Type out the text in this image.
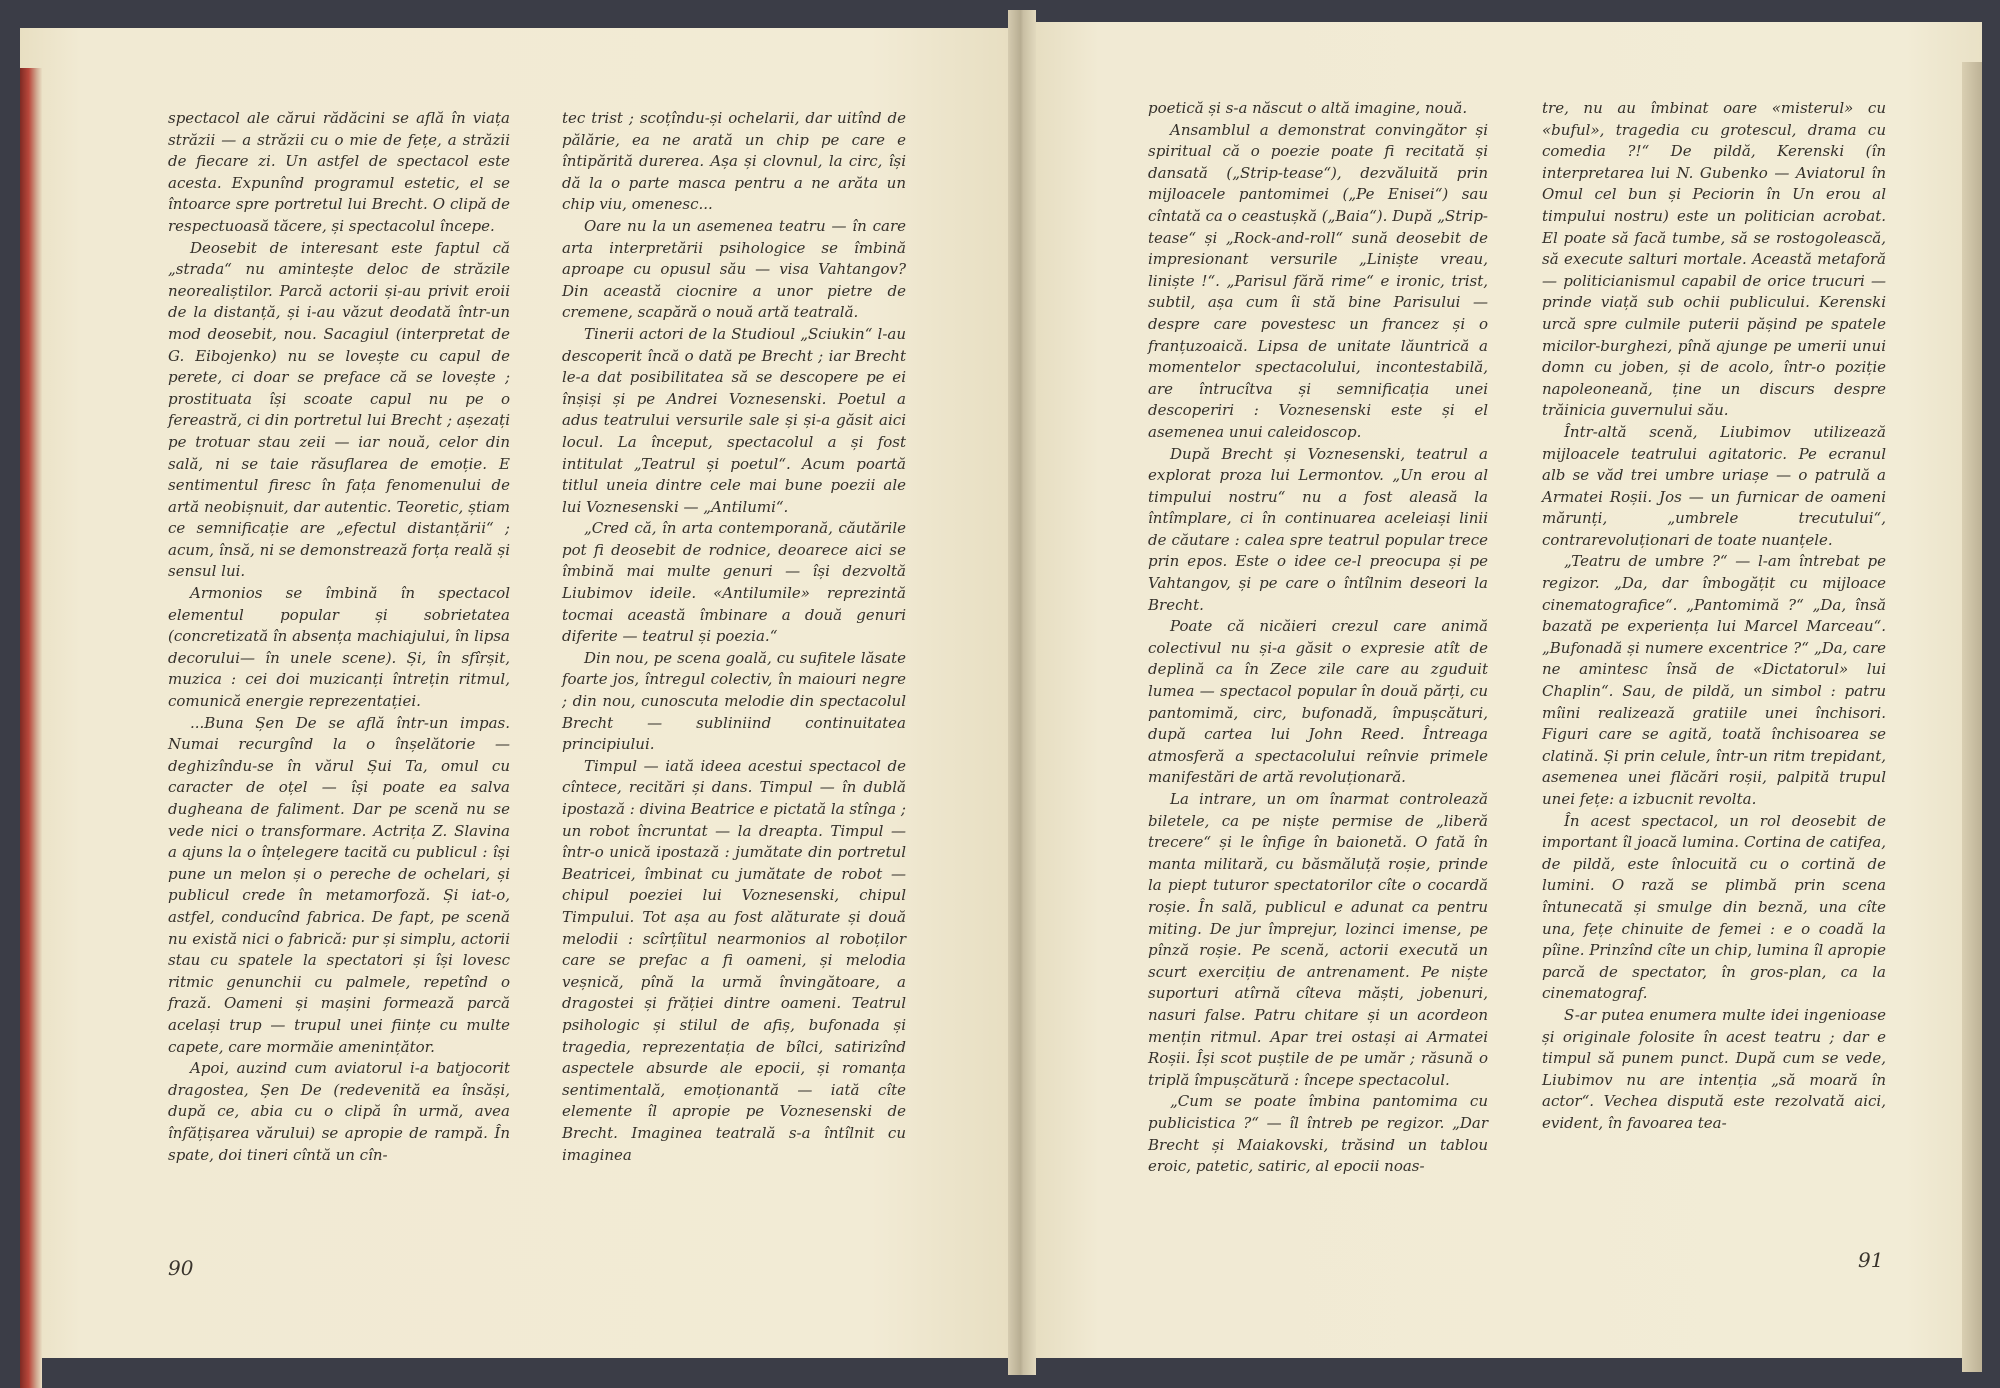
spectacol ale cărui rădăcini se află în viața străzii — a străzii cu o mie de fețe, a străzii de fiecare zi. Un astfel de spectacol este acesta. Expunînd programul estetic, el se întoarce spre portretul lui Brecht. O clipă de respectuoasă tăcere, și spectacolul începe.

Deosebit de interesant este faptul că „strada“ nu amintește deloc de străzile neorealiștilor. Parcă actorii și-au privit eroii de la distanță, și i-au văzut deodată într-un mod deosebit, nou. Sacagiul (interpretat de G. Eibojenko) nu se lovește cu capul de perete, ci doar se preface că se lovește ; prostituata își scoate capul nu pe o fereastră, ci din portretul lui Brecht ; așezați pe trotuar stau zeii — iar nouă, celor din sală, ni se taie răsuflarea de emoție. E sentimentul firesc în fața fenomenului de artă neobișnuit, dar autentic. Teoretic, știam ce semnificație are „efectul distanțării“ ; acum, însă, ni se demonstrează forța reală și sensul lui.

Armonios se îmbină în spectacol elementul popular și sobrietatea (concretizată în absența machiajului, în lipsa decorului— în unele scene). Și, în sfîrșit, muzica : cei doi muzicanți întrețin ritmul, comunică energie reprezentației.

...Buna Șen De se află într-un impas. Numai recurgînd la o înșelătorie — deghizîndu-se în vărul Șui Ta, omul cu caracter de oțel — își poate ea salva dugheana de faliment. Dar pe scenă nu se vede nici o transformare. Actrița Z. Slavina a ajuns la o înțelegere tacită cu publicul : își pune un melon și o pereche de ochelari, și publicul crede în metamorfoză. Și iat-o, astfel, conducînd fabrica. De fapt, pe scenă nu există nici o fabrică: pur și simplu, actorii stau cu spatele la spectatori și își lovesc ritmic genunchii cu palmele, repetînd o frază. Oameni și mașini formează parcă același trup — trupul unei ființe cu multe capete, care mormăie amenințător.

Apoi, auzind cum aviatorul i-a batjocorit dragostea, Șen De (redevenită ea însăși, după ce, abia cu o clipă în urmă, avea înfățișarea vărului) se apropie de rampă. În spate, doi tineri cîntă un cîn-

tec trist ; scoțîndu-și ochelarii, dar uitînd de pălărie, ea ne arată un chip pe care e întipărită durerea. Așa și clovnul, la circ, își dă la o parte masca pentru a ne arăta un chip viu, omenesc...

Oare nu la un asemenea teatru — în care arta interpretării psihologice se îmbină aproape cu opusul său — visa Vahtangov? Din această ciocnire a unor pietre de cremene, scapără o nouă artă teatrală.

Tinerii actori de la Studioul „Sciukin“ l-au descoperit încă o dată pe Brecht ; iar Brecht le-a dat posibilitatea să se descopere pe ei înșiși și pe Andrei Voznesenski. Poetul a adus teatrului versurile sale și și-a găsit aici locul. La început, spectacolul a și fost intitulat „Teatrul și poetul“. Acum poartă titlul uneia dintre cele mai bune poezii ale lui Voznesenski — „Antilumi“.

„Cred că, în arta contemporană, căutările pot fi deosebit de rodnice, deoarece aici se îmbină mai multe genuri — își dezvoltă Liubimov ideile. «Antilumile» reprezintă tocmai această îmbinare a două genuri diferite — teatrul și poezia.“

Din nou, pe scena goală, cu sufitele lăsate foarte jos, întregul colectiv, în maiouri negre ; din nou, cunoscuta melodie din spectacolul Brecht — subliniind continuitatea principiului.

Timpul — iată ideea acestui spectacol de cîntece, recitări și dans. Timpul — în dublă ipostază : divina Beatrice e pictată la stînga ; un robot încruntat — la dreapta. Timpul — într-o unică ipostază : jumătate din portretul Beatricei, îmbinat cu jumătate de robot — chipul poeziei lui Voznesenski, chipul Timpului. Tot așa au fost alăturate și două melodii : scîrțîitul nearmonios al roboților care se prefac a fi oameni, și melodia veșnică, pînă la urmă învingătoare, a dragostei și frăției dintre oameni. Teatrul psihologic și stilul de afiș, bufonada și tragedia, reprezentația de bîlci, satirizînd aspectele absurde ale epocii, și romanța sentimentală, emoționantă — iată cîte elemente îl apropie pe Voznesenski de Brecht. Imaginea teatrală s-a întîlnit cu imaginea

poetică și s-a născut o altă imagine, nouă.

Ansamblul a demonstrat convingător și spiritual că o poezie poate fi recitată și dansată („Strip-tease“), dezvăluită prin mijloacele pantomimei („Pe Enisei“) sau cîntată ca o ceastușkă („Baia“). După „Strip-tease“ și „Rock-and-roll“ sună deosebit de impresionant versurile „Liniște vreau, liniște !“. „Parisul fără rime“ e ironic, trist, subtil, așa cum îi stă bine Parisului — despre care povestesc un francez și o franțuzoaică. Lipsa de unitate lăuntrică a momentelor spectacolului, incontestabilă, are întrucîtva și semnificația unei descoperiri : Voznesenski este și el asemenea unui caleidoscop.

După Brecht și Voznesenski, teatrul a explorat proza lui Lermontov. „Un erou al timpului nostru“ nu a fost aleasă la întîmplare, ci în continuarea aceleiași linii de căutare : calea spre teatrul popular trece prin epos. Este o idee ce-l preocupa și pe Vahtangov, și pe care o întîlnim deseori la Brecht.

Poate că nicăieri crezul care animă colectivul nu și-a găsit o expresie atît de deplină ca în Zece zile care au zguduit lumea — spectacol popular în două părți, cu pantomimă, circ, bufonadă, împușcături, după cartea lui John Reed. Întreaga atmosferă a spectacolului reînvie primele manifestări de artă revoluționară.

La intrare, un om înarmat controlează biletele, ca pe niște permise de „liberă trecere“ și le înfige în baionetă. O fată în manta militară, cu băsmăluță roșie, prinde la piept tuturor spectatorilor cîte o cocardă roșie. În sală, publicul e adunat ca pentru miting. De jur împrejur, lozinci imense, pe pînză roșie. Pe scenă, actorii execută un scurt exercițiu de antrenament. Pe niște suporturi atîrnă cîteva măști, jobenuri, nasuri false. Patru chitare și un acordeon mențin ritmul. Apar trei ostași ai Armatei Roșii. Își scot puștile de pe umăr ; răsună o triplă împușcătură : începe spectacolul.

„Cum se poate îmbina pantomima cu publicistica ?“ — îl întreb pe regizor. „Dar Brecht și Maiakovski, trăsind un tablou eroic, patetic, satiric, al epocii noas-

tre, nu au îmbinat oare «misterul» cu «buful», tragedia cu grotescul, drama cu comedia ?!“ De pildă, Kerenski (în interpretarea lui N. Gubenko — Aviatorul în Omul cel bun și Peciorin în Un erou al timpului nostru) este un politician acrobat. El poate să facă tumbe, să se rostogolească, să execute salturi mortale. Această metaforă — politicianismul capabil de orice trucuri — prinde viață sub ochii publicului. Kerenski urcă spre culmile puterii pășind pe spatele micilor-burghezi, pînă ajunge pe umerii unui domn cu joben, și de acolo, într-o poziție napoleoneană, ține un discurs despre trăinicia guvernului său.

Într-altă scenă, Liubimov utilizează mijloacele teatrului agitatoric. Pe ecranul alb se văd trei umbre uriașe — o patrulă a Armatei Roșii. Jos — un furnicar de oameni mărunți, „umbrele trecutului“, contrarevoluționari de toate nuanțele.

„Teatru de umbre ?“ — l-am întrebat pe regizor. „Da, dar îmbogățit cu mijloace cinematografice“. „Pantomimă ?“ „Da, însă bazată pe experiența lui Marcel Marceau“. „Bufonadă și numere excentrice ?“ „Da, care ne amintesc însă de «Dictatorul» lui Chaplin“. Sau, de pildă, un simbol : patru mîini realizează gratiile unei închisori. Figuri care se agită, toată închisoarea se clatină. Și prin celule, într-un ritm trepidant, asemenea unei flăcări roșii, palpită trupul unei fețe: a izbucnit revolta.

În acest spectacol, un rol deosebit de important îl joacă lumina. Cortina de catifea, de pildă, este înlocuită cu o cortină de lumini. O rază se plimbă prin scena întunecată și smulge din beznă, una cîte una, fețe chinuite de femei : e o coadă la pîine. Prinzînd cîte un chip, lumina îl apropie parcă de spectator, în gros-plan, ca la cinematograf.

S-ar putea enumera multe idei ingenioase și originale folosite în acest teatru ; dar e timpul să punem punct. După cum se vede, Liubimov nu are intenția „să moară în actor“. Vechea dispută este rezolvată aici, evident, în favoarea tea-

90	91
